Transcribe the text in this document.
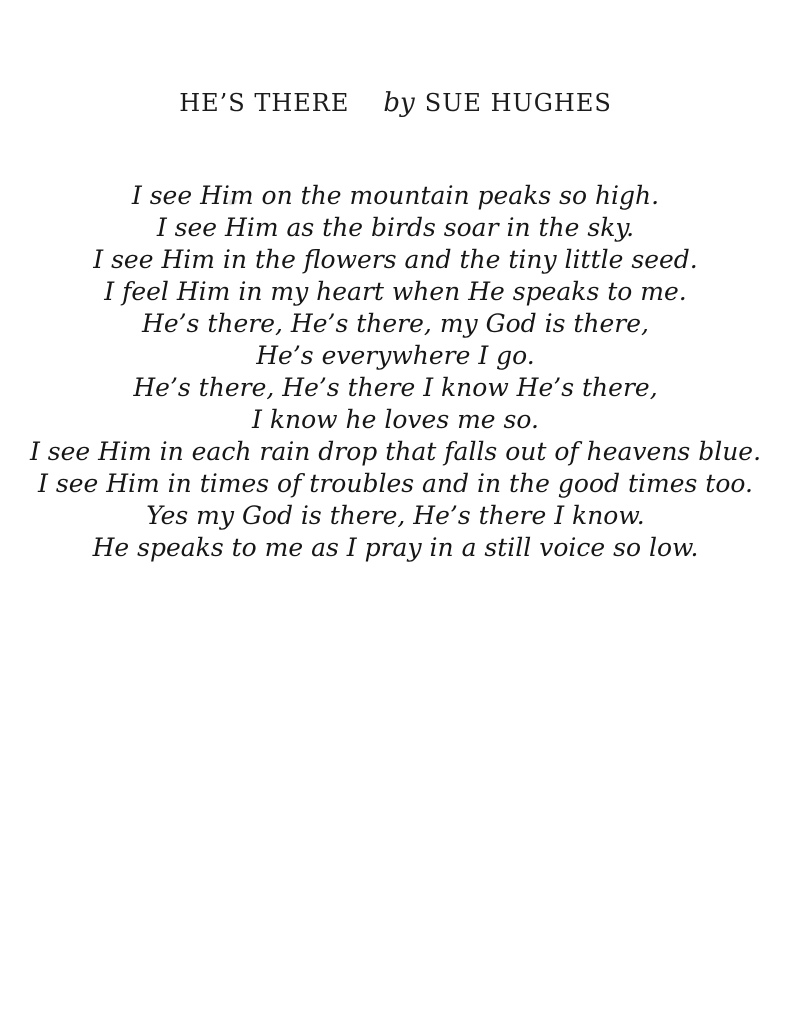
HE’S THERE by SUE HUGHES
I see Him on the mountain peaks so high.
I see Him as the birds soar in the sky.
I see Him in the flowers and the tiny little seed.
I feel Him in my heart when He speaks to me.
He’s there, He’s there, my God is there,
He’s everywhere I go.
He’s there, He’s there I know He’s there,
I know he loves me so.
I see Him in each rain drop that falls out of heavens blue.
I see Him in times of troubles and in the good times too.
Yes my God is there, He’s there I know.
He speaks to me as I pray in a still voice so low.
